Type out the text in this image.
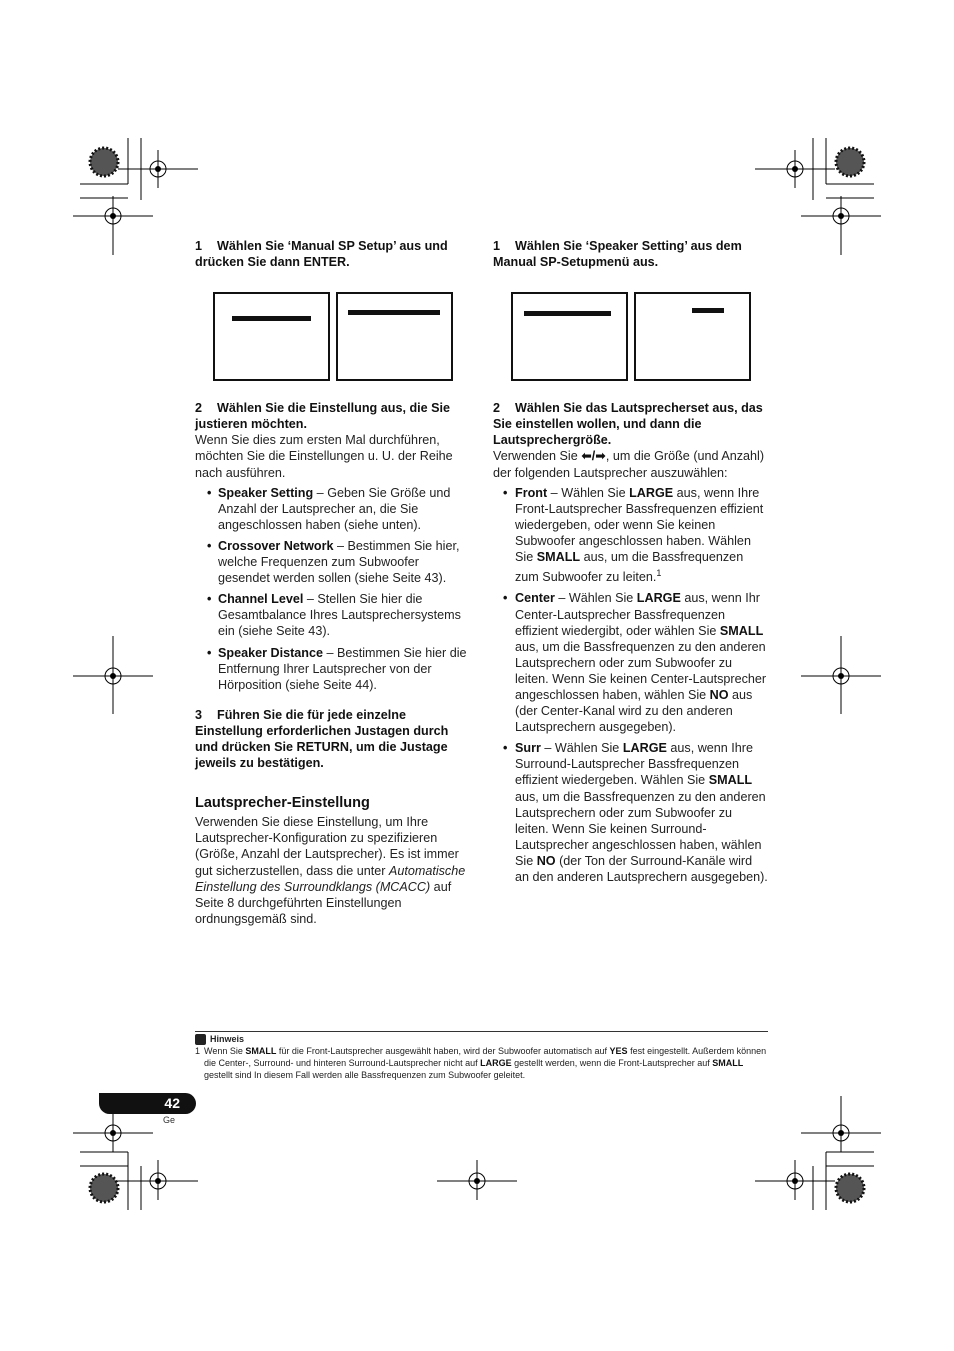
1 Wählen Sie ‘Manual SP Setup’ aus und drücken Sie dann ENTER.

2 Wählen Sie die Einstellung aus, die Sie justieren möchten.

Wenn Sie dies zum ersten Mal durchführen, möchten Sie die Einstellungen u. U. der Reihe nach ausführen.

• Speaker Setting – Geben Sie Größe und Anzahl der Lautsprecher an, die Sie angeschlossen haben (siehe unten).
• Crossover Network – Bestimmen Sie hier, welche Frequenzen zum Subwoofer gesendet werden sollen (siehe Seite 43).
• Channel Level – Stellen Sie hier die Gesamtbalance Ihres Lautsprechersystems ein (siehe Seite 43).
• Speaker Distance – Bestimmen Sie hier die Entfernung Ihrer Lautsprecher von der Hörposition (siehe Seite 44).

3 Führen Sie die für jede einzelne Einstellung erforderlichen Justagen durch und drücken Sie RETURN, um die Justage jeweils zu bestätigen.

Lautsprecher-Einstellung

Verwenden Sie diese Einstellung, um Ihre Lautsprecher-Konfiguration zu spezifizieren (Größe, Anzahl der Lautsprecher). Es ist immer gut sicherzustellen, dass die unter Automatische Einstellung des Surroundklangs (MCACC) auf Seite 8 durchgeführten Einstellungen ordnungsgemäß sind.

1 Wählen Sie ‘Speaker Setting’ aus dem Manual SP-Setupmenü aus.

2 Wählen Sie das Lautsprecherset aus, das Sie einstellen wollen, und dann die Lautsprechergröße.

Verwenden Sie ⬅/➡, um die Größe (und Anzahl) der folgenden Lautsprecher auszuwählen:

• Front – Wählen Sie LARGE aus, wenn Ihre Front-Lautsprecher Bassfrequenzen effizient wiedergeben, oder wenn Sie keinen Subwoofer angeschlossen haben. Wählen Sie SMALL aus, um die Bassfrequenzen zum Subwoofer zu leiten.$^1$
• Center – Wählen Sie LARGE aus, wenn Ihr Center-Lautsprecher Bassfrequenzen effizient wiedergibt, oder wählen Sie SMALL aus, um die Bassfrequenzen zu den anderen Lautsprechern oder zum Subwoofer zu leiten. Wenn Sie keinen Center-Lautsprecher angeschlossen haben, wählen Sie NO aus (der Center-Kanal wird zu den anderen Lautsprechern ausgegeben).
• Surr – Wählen Sie LARGE aus, wenn Ihre Surround-Lautsprecher Bassfrequenzen effizient wiedergeben. Wählen Sie SMALL aus, um die Bassfrequenzen zu den anderen Lautsprechern oder zum Subwoofer zu leiten. Wenn Sie keinen Surround-Lautsprecher angeschlossen haben, wählen Sie NO (der Ton der Surround-Kanäle wird an den anderen Lautsprechern ausgegeben).
Hinweis
1 Wenn Sie SMALL für die Front-Lautsprecher ausgewählt haben, wird der Subwoofer automatisch auf YES fest eingestellt. Außerdem können die Center-, Surround- und hinteren Surround-Lautsprecher nicht auf LARGE gestellt werden, wenn die Front-Lautsprecher auf SMALL gestellt sind In diesem Fall werden alle Bassfrequenzen zum Subwoofer geleitet.
42
Ge
